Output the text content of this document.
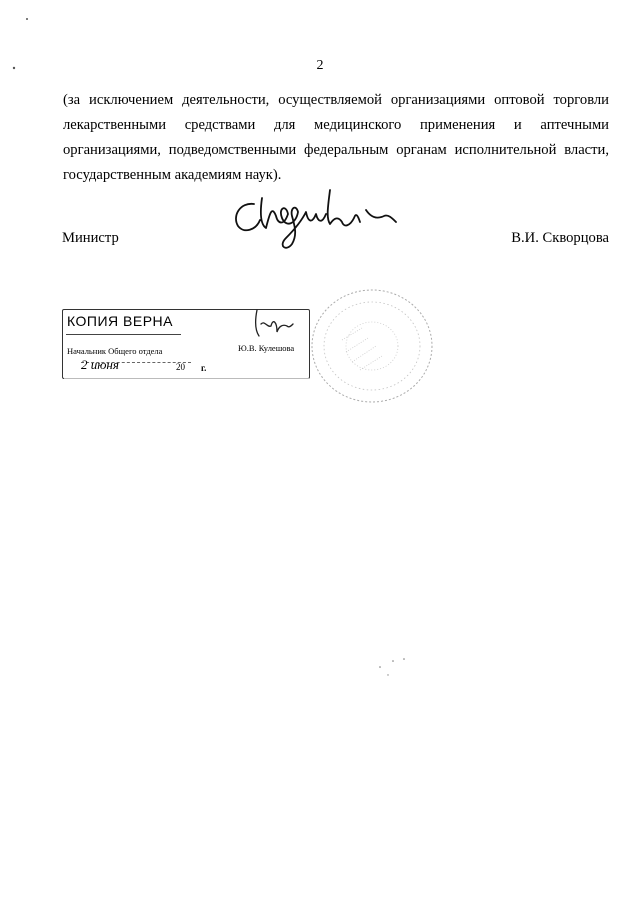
2
(за исключением деятельности, осуществляемой организациями оптовой торговли
лекарственными средствами для медицинского применения и аптечными
организациями, подведомственными федеральным органам исполнительной власти,
государственным академиям наук).
Министр	В.И. Скворцова
КОПИЯ ВЕРНА
Начальник Общего отдела	Ю.В. Кулешова
2 июня	20 г.
